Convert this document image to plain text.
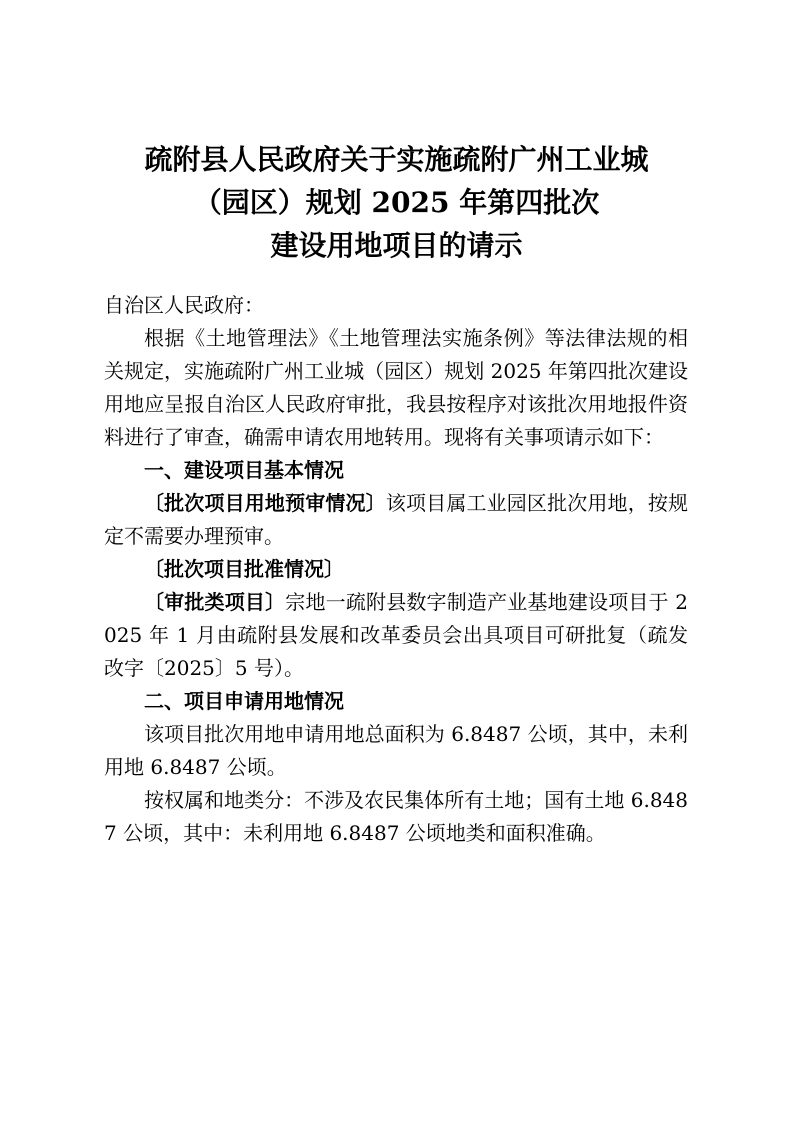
疏附县人民政府关于实施疏附广州工业城
（园区）规划 2025 年第四批次
建设用地项目的请示

自治区人民政府：

根据《土地管理法》《土地管理法实施条例》等法律法规的相关规定，实施疏附广州工业城（园区）规划 2025 年第四批次建设用地应呈报自治区人民政府审批，我县按程序对该批次用地报件资料进行了审查，确需申请农用地转用。现将有关事项请示如下：

一、建设项目基本情况

〔批次项目用地预审情况〕该项目属工业园区批次用地，按规定不需要办理预审。

〔批次项目批准情况〕

〔审批类项目〕宗地一疏附县数字制造产业基地建设项目于 2025 年 1 月由疏附县发展和改革委员会出具项目可研批复（疏发改字〔2025〕5 号）。

二、项目申请用地情况

该项目批次用地申请用地总面积为 6.8487 公顷，其中，未利用地 6.8487 公顷。

按权属和地类分：不涉及农民集体所有土地；国有土地 6.8487 公顷，其中：未利用地 6.8487 公顷地类和面积准确。
